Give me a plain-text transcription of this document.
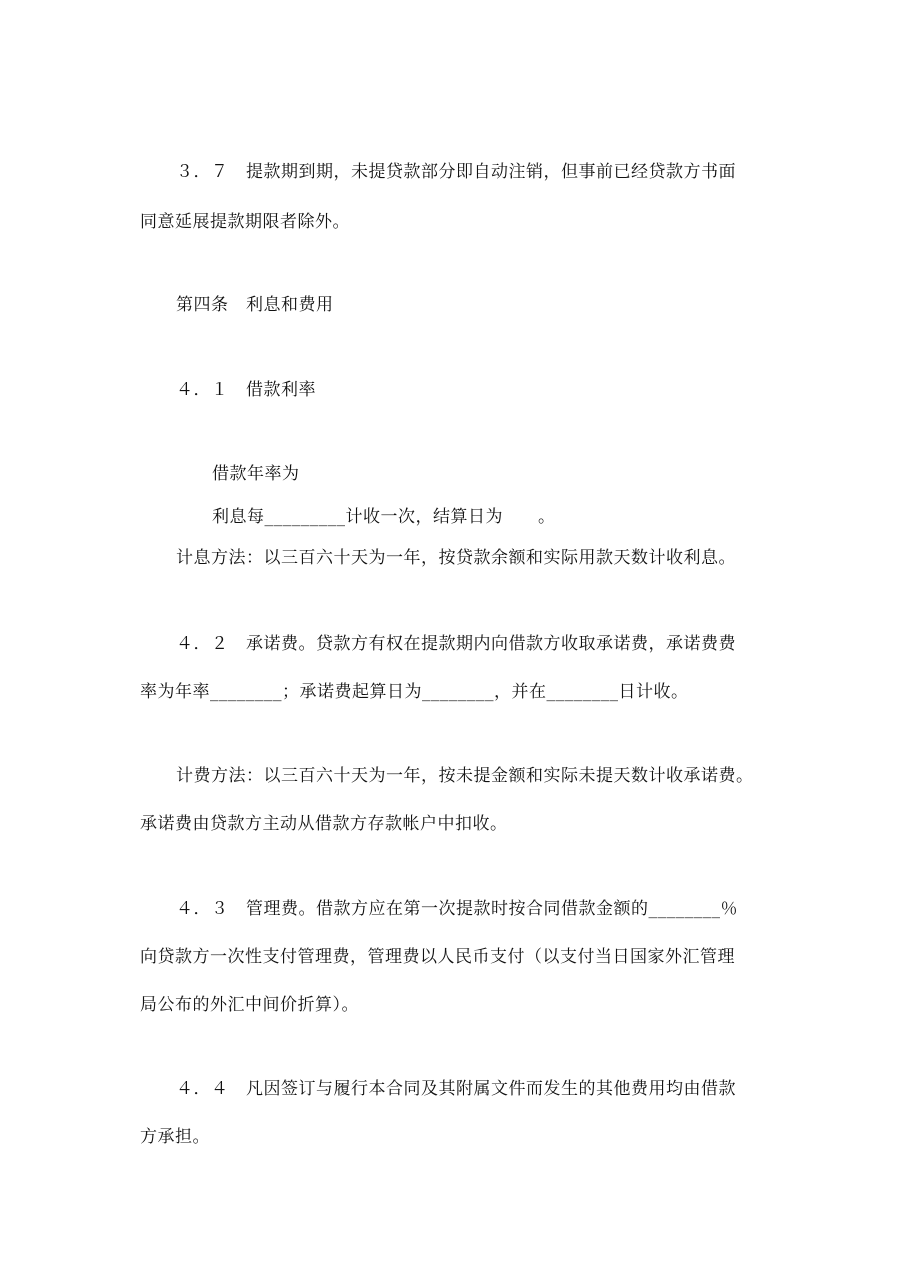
３．７　提款期到期，未提贷款部分即自动注销，但事前已经贷款方书面
同意延展提款期限者除外。
第四条　利息和费用
４．１　借款利率
借款年率为
利息每_________计收一次，结算日为　　。
计息方法：以三百六十天为一年，按贷款余额和实际用款天数计收利息。
４．２　承诺费。贷款方有权在提款期内向借款方收取承诺费，承诺费费
率为年率________；承诺费起算日为________，并在________日计收。
计费方法：以三百六十天为一年，按未提金额和实际未提天数计收承诺费。
承诺费由贷款方主动从借款方存款帐户中扣收。
４．３　管理费。借款方应在第一次提款时按合同借款金额的________％
向贷款方一次性支付管理费，管理费以人民币支付（以支付当日国家外汇管理
局公布的外汇中间价折算）。
４．４　凡因签订与履行本合同及其附属文件而发生的其他费用均由借款
方承担。
